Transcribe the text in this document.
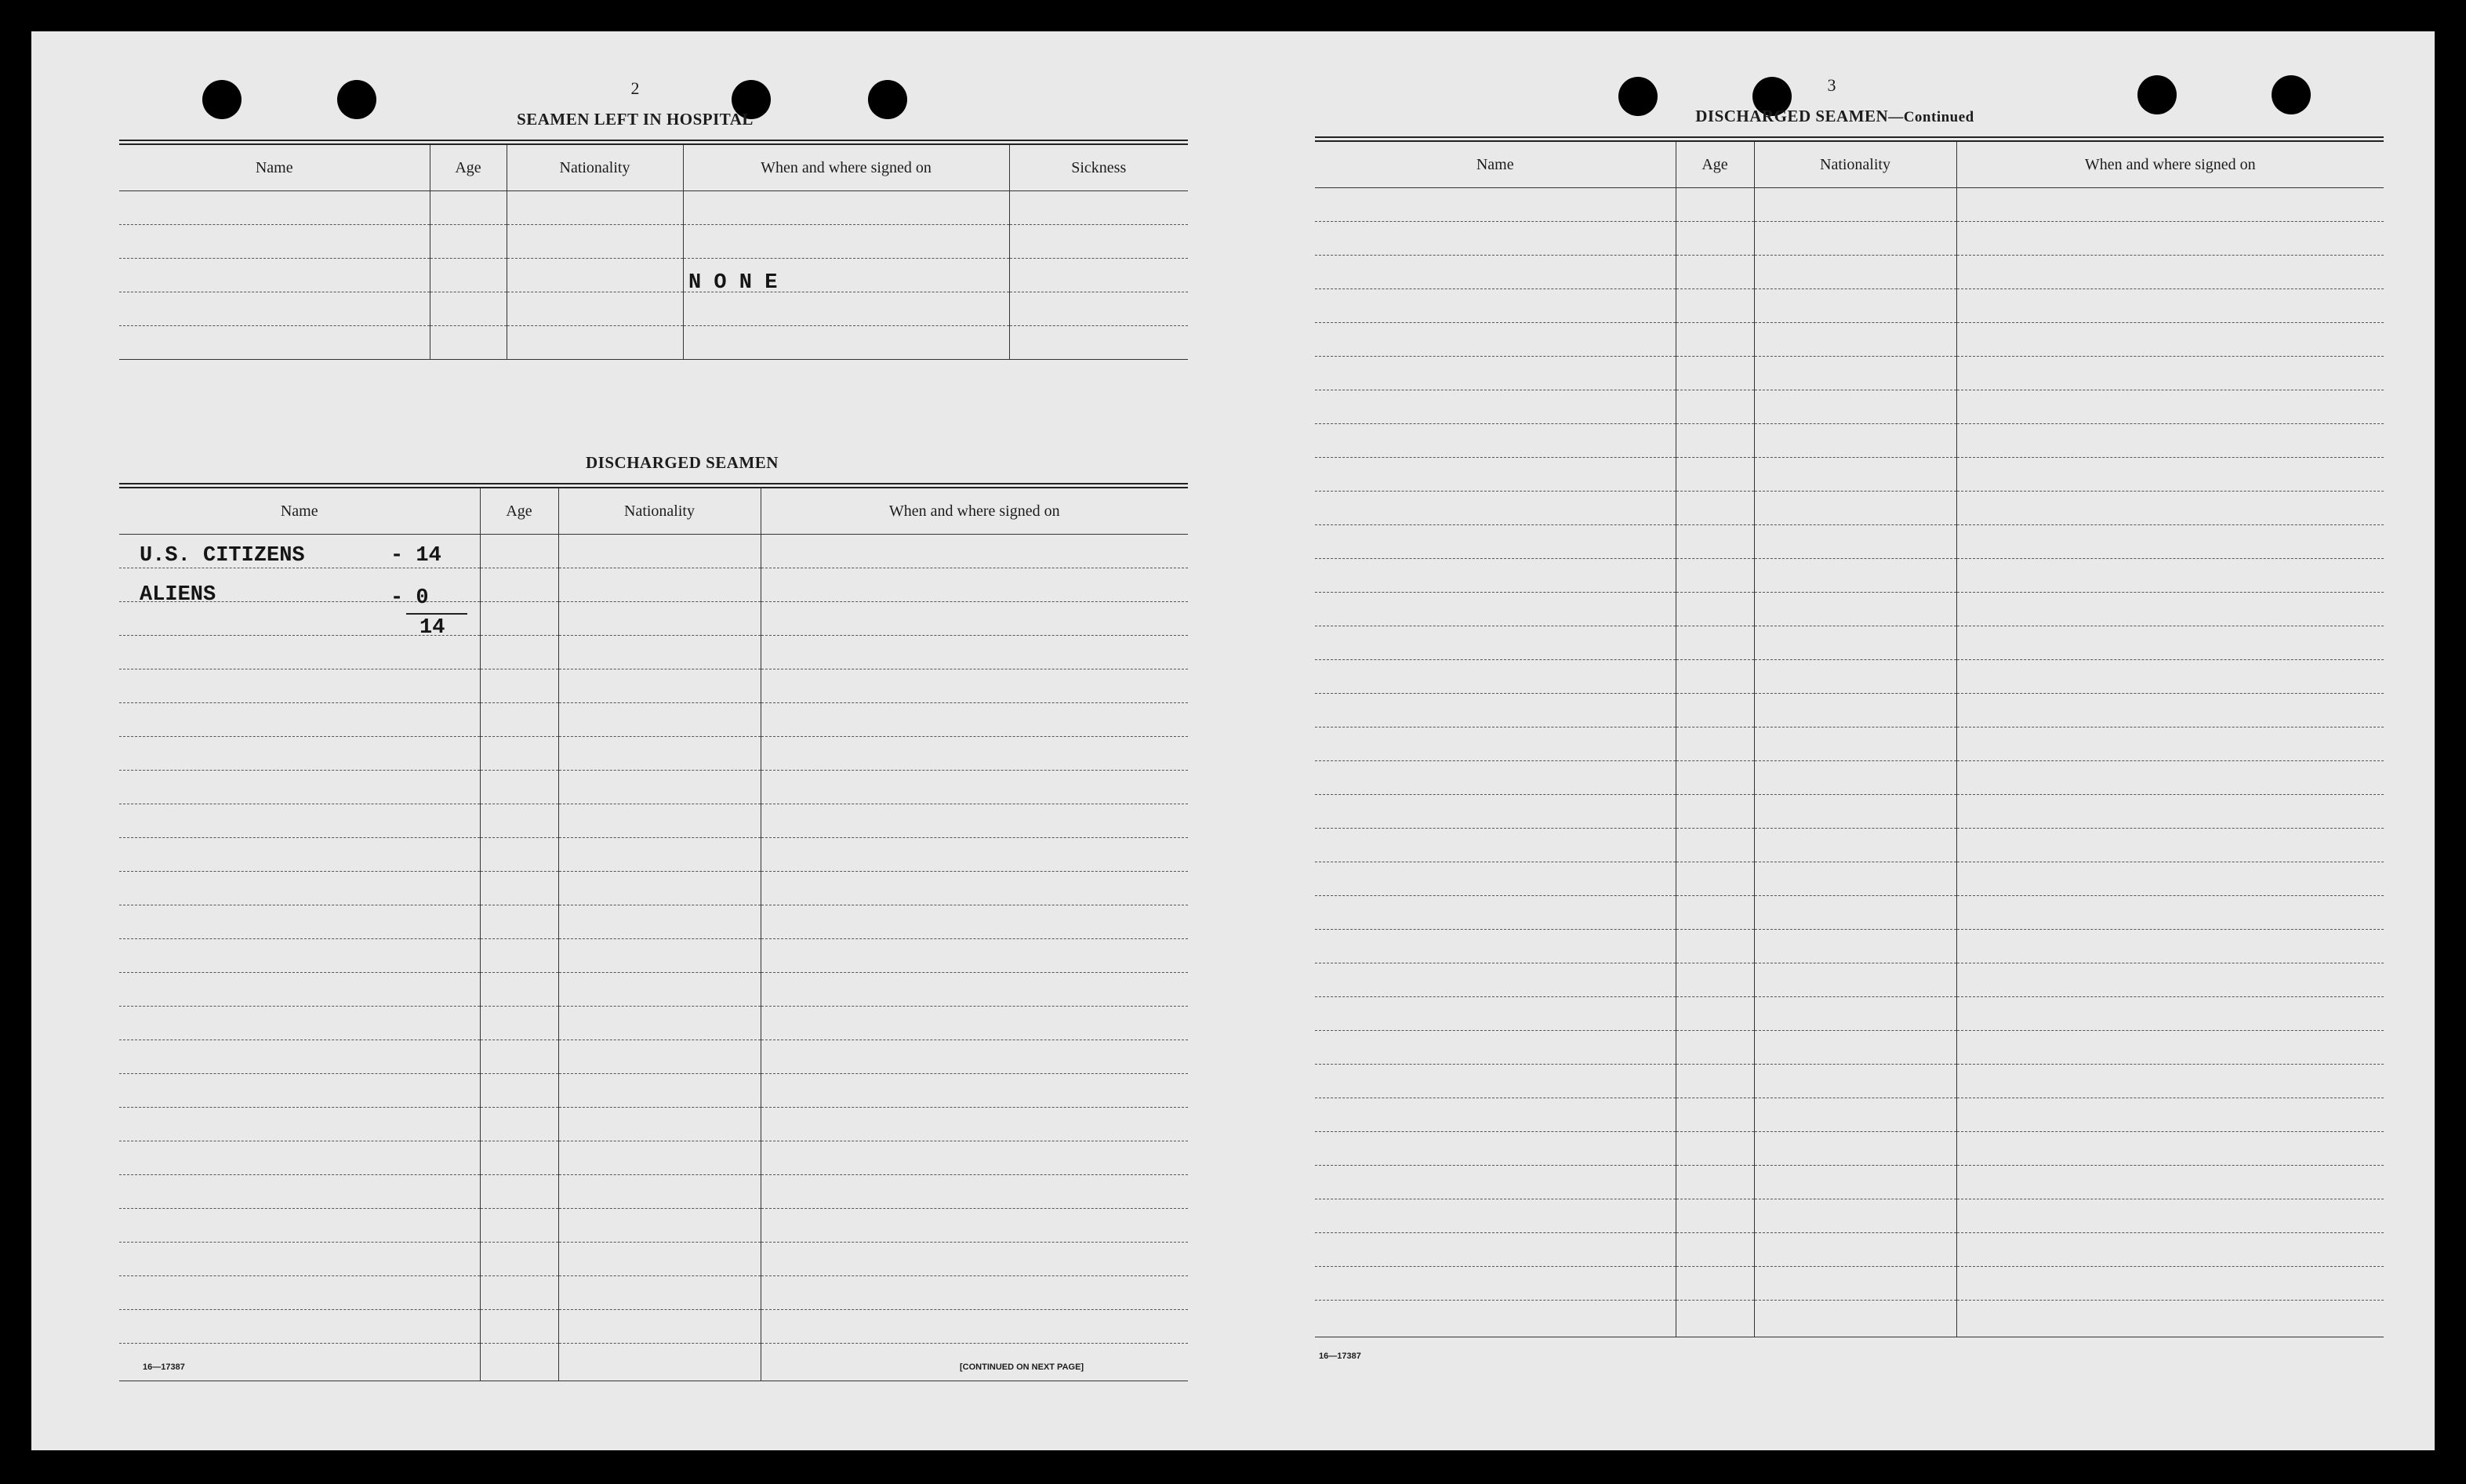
2
SEAMEN LEFT IN HOSPITAL
Name	Age	Nationality	When and where signed on	Sickness

N O N E
DISCHARGED SEAMEN
Name	Age	Nationality	When and where signed on

U.S. CITIZENS	- 14
ALIENS	- 0
14
16—17387	[CONTINUED ON NEXT PAGE]
3
DISCHARGED SEAMEN—Continued
Name	Age	Nationality	When and where signed on

16—17387
